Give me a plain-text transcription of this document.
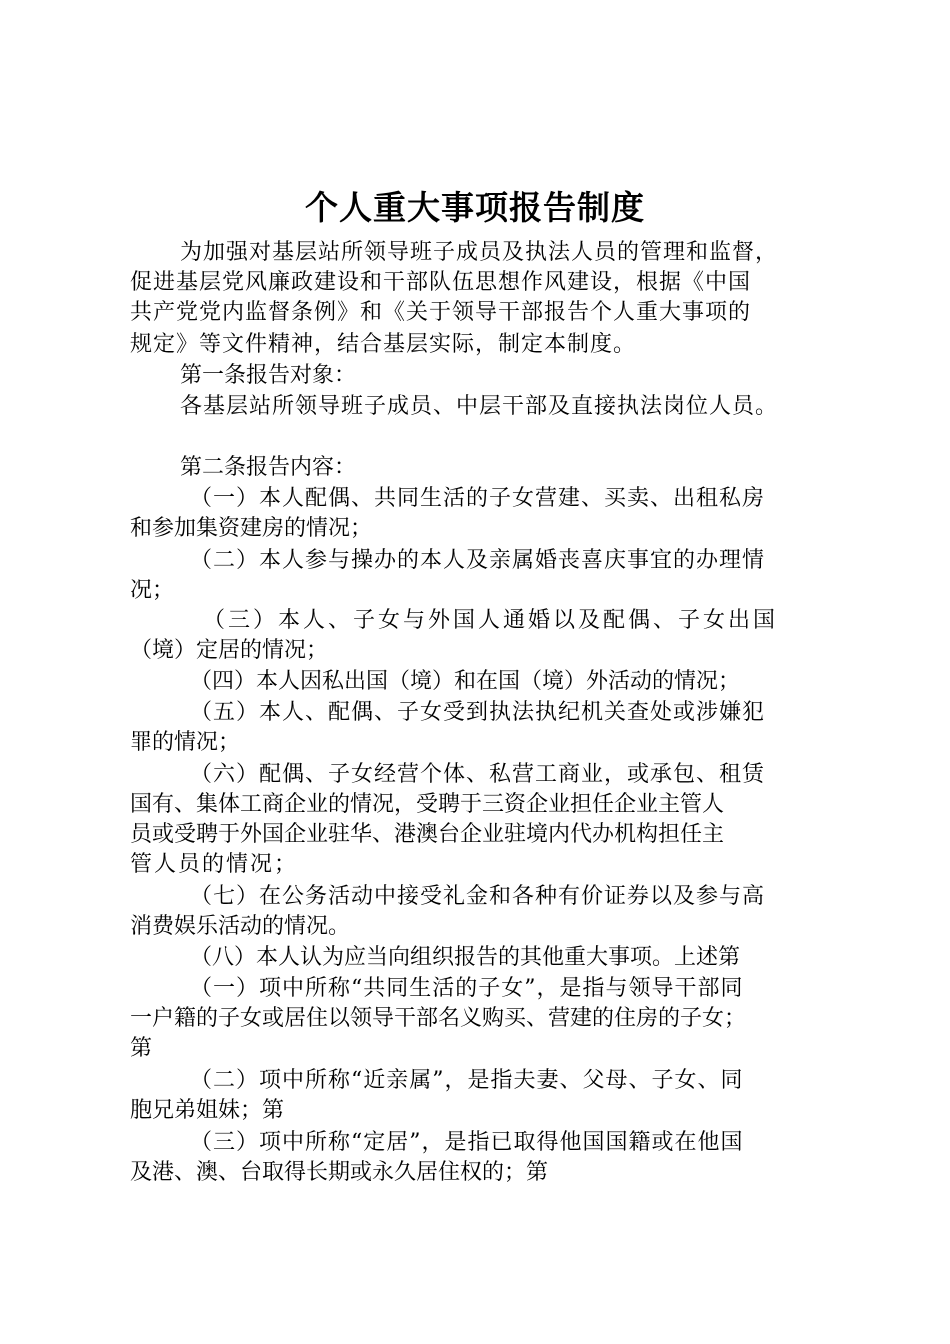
个人重大事项报告制度

为加强对基层站所领导班子成员及执法人员的管理和监督，

促进基层党风廉政建设和干部队伍思想作风建设，根据《中国

共产党党内监督条例》和《关于领导干部报告个人重大事项的

规定》等文件精神，结合基层实际，制定本制度。

第一条报告对象：

各基层站所领导班子成员、中层干部及直接执法岗位人员。

第二条报告内容：

（一）本人配偶、共同生活的子女营建、买卖、出租私房

和参加集资建房的情况；

（二）本人参与操办的本人及亲属婚丧喜庆事宜的办理情

况；

（三）本人、子女与外国人通婚以及配偶、子女出国

（境）定居的情况；

（四）本人因私出国（境）和在国（境）外活动的情况；

（五）本人、配偶、子女受到执法执纪机关查处或涉嫌犯

罪的情况；

（六）配偶、子女经营个体、私营工商业，或承包、租赁

国有、集体工商企业的情况，受聘于三资企业担任企业主管人

员或受聘于外国企业驻华、港澳台企业驻境内代办机构担任主

管人员的情况；

（七）在公务活动中接受礼金和各种有价证券以及参与高

消费娱乐活动的情况。

（八）本人认为应当向组织报告的其他重大事项。上述第

（一）项中所称“共同生活的子女”，是指与领导干部同

一户籍的子女或居住以领导干部名义购买、营建的住房的子女；

第

（二）项中所称“近亲属”，是指夫妻、父母、子女、同

胞兄弟姐妹；第

（三）项中所称“定居”，是指已取得他国国籍或在他国

及港、澳、台取得长期或永久居住权的；第
